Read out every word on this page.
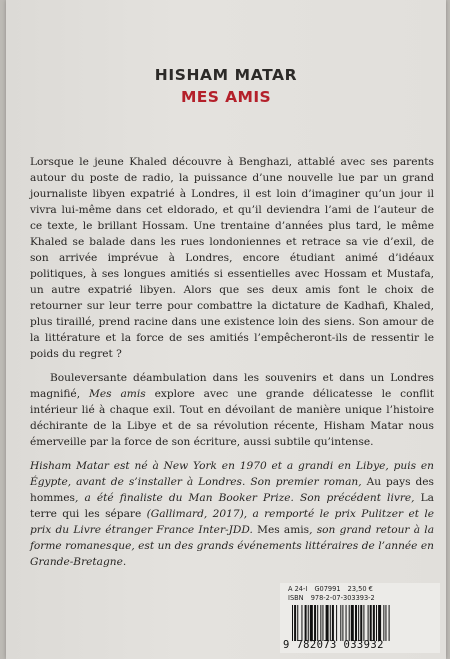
HISHAM MATAR
MES AMIS

Lorsque le jeune Khaled découvre à Benghazi, attablé avec ses parents autour du poste de radio, la puissance d’une nouvelle lue par un grand journaliste libyen expatrié à Londres, il est loin d’imaginer qu’un jour il vivra lui-même dans cet eldorado, et qu’il deviendra l’ami de l’auteur de ce texte, le brillant Hossam. Une trentaine d’années plus tard, le même Khaled se balade dans les rues londoniennes et retrace sa vie d’exil, de son arrivée imprévue à Londres, encore étudiant animé d’idéaux politiques, à ses longues amitiés si essentielles avec Hossam et Mustafa, un autre expatrié libyen. Alors que ses deux amis font le choix de retourner sur leur terre pour combattre la dictature de Kadhafi, Khaled, plus tiraillé, prend racine dans une existence loin des siens. Son amour de la littérature et la force de ses amitiés l’empêcheront-ils de ressentir le poids du regret ?

Bouleversante déambulation dans les souvenirs et dans un Londres magnifié, Mes amis explore avec une grande délicatesse le conflit intérieur lié à chaque exil. Tout en dévoilant de manière unique l’histoire déchirante de la Libye et de sa révolution récente, Hisham Matar nous émerveille par la force de son écriture, aussi subtile qu’intense.

Hisham Matar est né à New York en 1970 et a grandi en Libye, puis en Égypte, avant de s’installer à Londres. Son premier roman, Au pays des hommes, a été finaliste du Man Booker Prize. Son précédent livre, La terre qui les sépare (Gallimard, 2017), a remporté le prix Pulitzer et le prix du Livre étranger France Inter-JDD. Mes amis, son grand retour à la forme romanesque, est un des grands événements littéraires de l’année en Grande-Bretagne.

A 24-I G07991 23,50 €
ISBN 978-2-07-303393-2
9 782073 033932
